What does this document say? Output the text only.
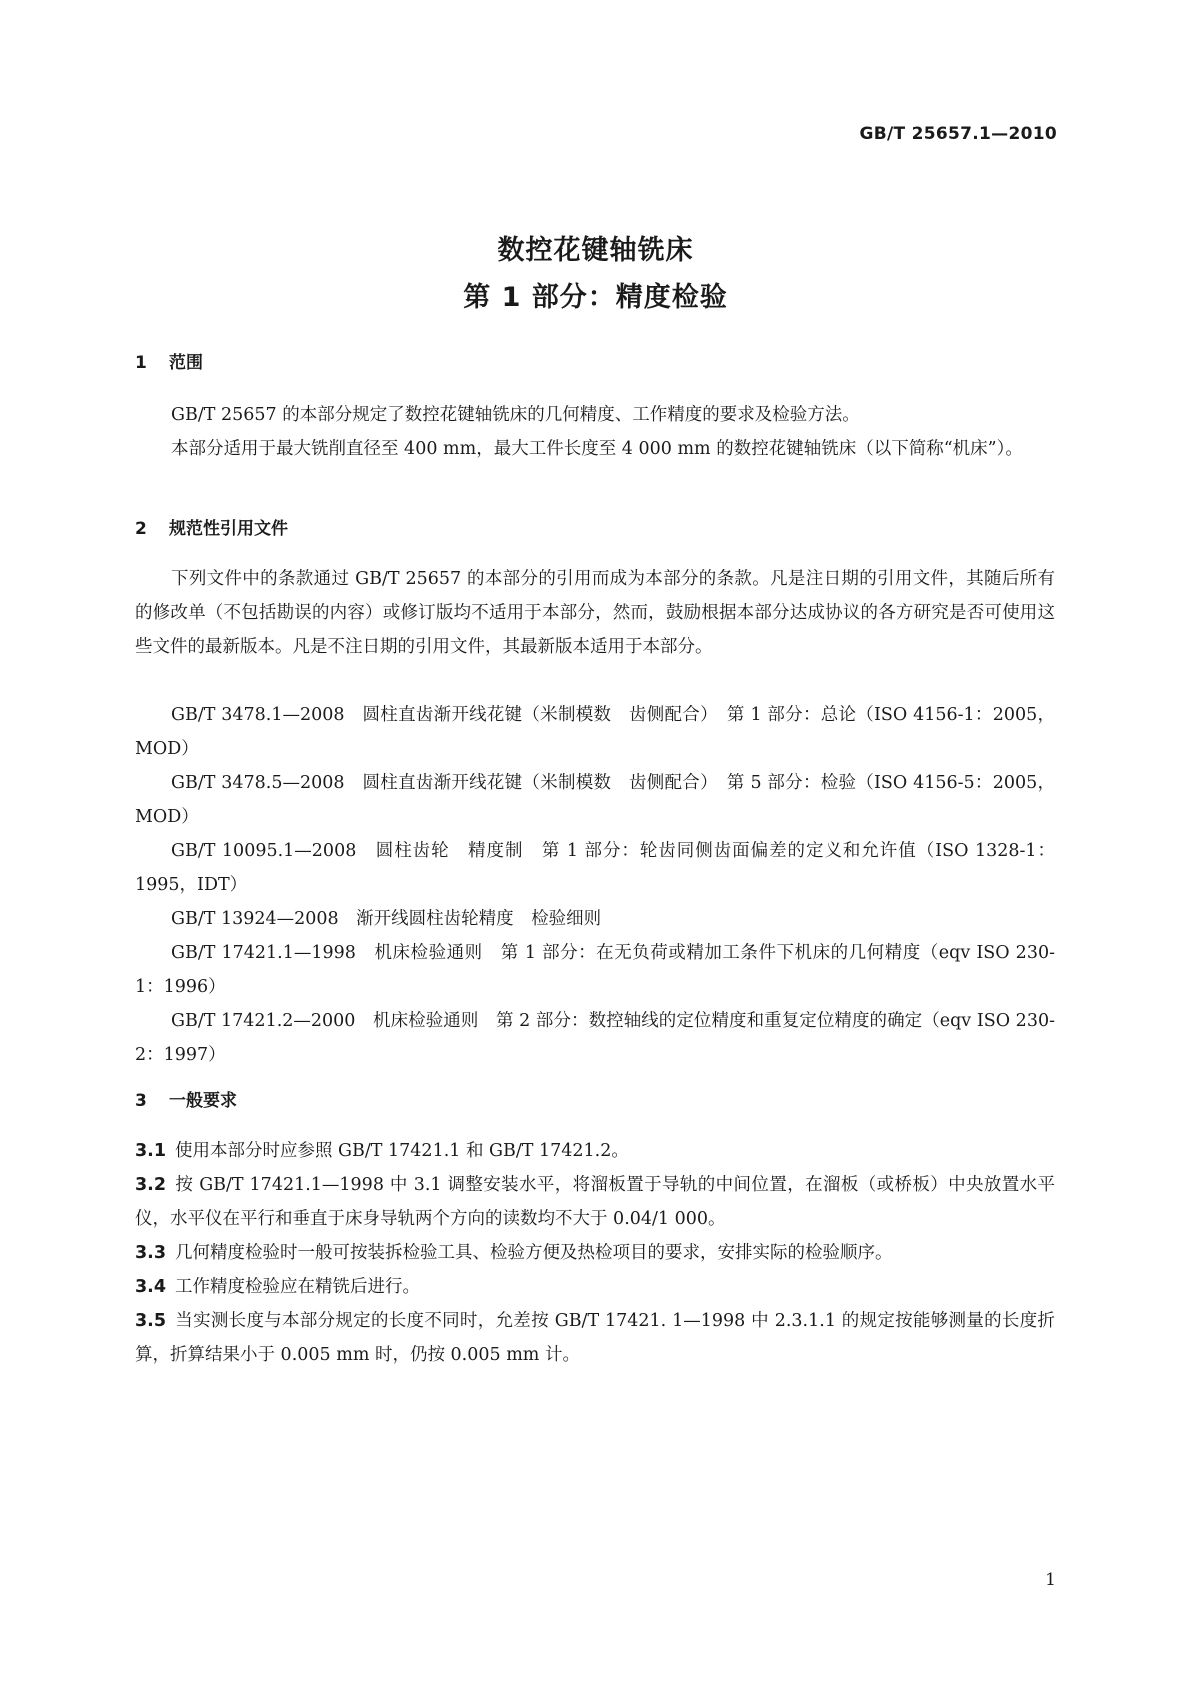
GB/T 25657.1—2010
数控花键轴铣床
第 1 部分：精度检验
1 范围
GB/T 25657 的本部分规定了数控花键轴铣床的几何精度、工作精度的要求及检验方法。
本部分适用于最大铣削直径至 400 mm，最大工件长度至 4 000 mm 的数控花键轴铣床（以下简称“机床”）。
2 规范性引用文件
下列文件中的条款通过 GB/T 25657 的本部分的引用而成为本部分的条款。凡是注日期的引用文件，其随后所有的修改单（不包括勘误的内容）或修订版均不适用于本部分，然而，鼓励根据本部分达成协议的各方研究是否可使用这些文件的最新版本。凡是不注日期的引用文件，其最新版本适用于本部分。
GB/T 3478.1—2008　圆柱直齿渐开线花键（米制模数　齿侧配合）　第 1 部分：总论（ISO 4156-1：2005，MOD）
GB/T 3478.5—2008　圆柱直齿渐开线花键（米制模数　齿侧配合）　第 5 部分：检验（ISO 4156-5：2005，MOD）
GB/T 10095.1—2008　圆柱齿轮　精度制　第 1 部分：轮齿同侧齿面偏差的定义和允许值（ISO 1328-1：1995，IDT）
GB/T 13924—2008　渐开线圆柱齿轮精度　检验细则
GB/T 17421.1—1998　机床检验通则　第 1 部分：在无负荷或精加工条件下机床的几何精度（eqv ISO 230-1：1996）
GB/T 17421.2—2000　机床检验通则　第 2 部分：数控轴线的定位精度和重复定位精度的确定（eqv ISO 230-2：1997）
3 一般要求
3.1 使用本部分时应参照 GB/T 17421.1 和 GB/T 17421.2。
3.2 按 GB/T 17421.1—1998 中 3.1 调整安装水平，将溜板置于导轨的中间位置，在溜板（或桥板）中央放置水平仪，水平仪在平行和垂直于床身导轨两个方向的读数均不大于 0.04/1 000。
3.3 几何精度检验时一般可按装拆检验工具、检验方便及热检项目的要求，安排实际的检验顺序。
3.4 工作精度检验应在精铣后进行。
3.5 当实测长度与本部分规定的长度不同时，允差按 GB/T 17421. 1—1998 中 2.3.1.1 的规定按能够测量的长度折算，折算结果小于 0.005 mm 时，仍按 0.005 mm 计。
1
